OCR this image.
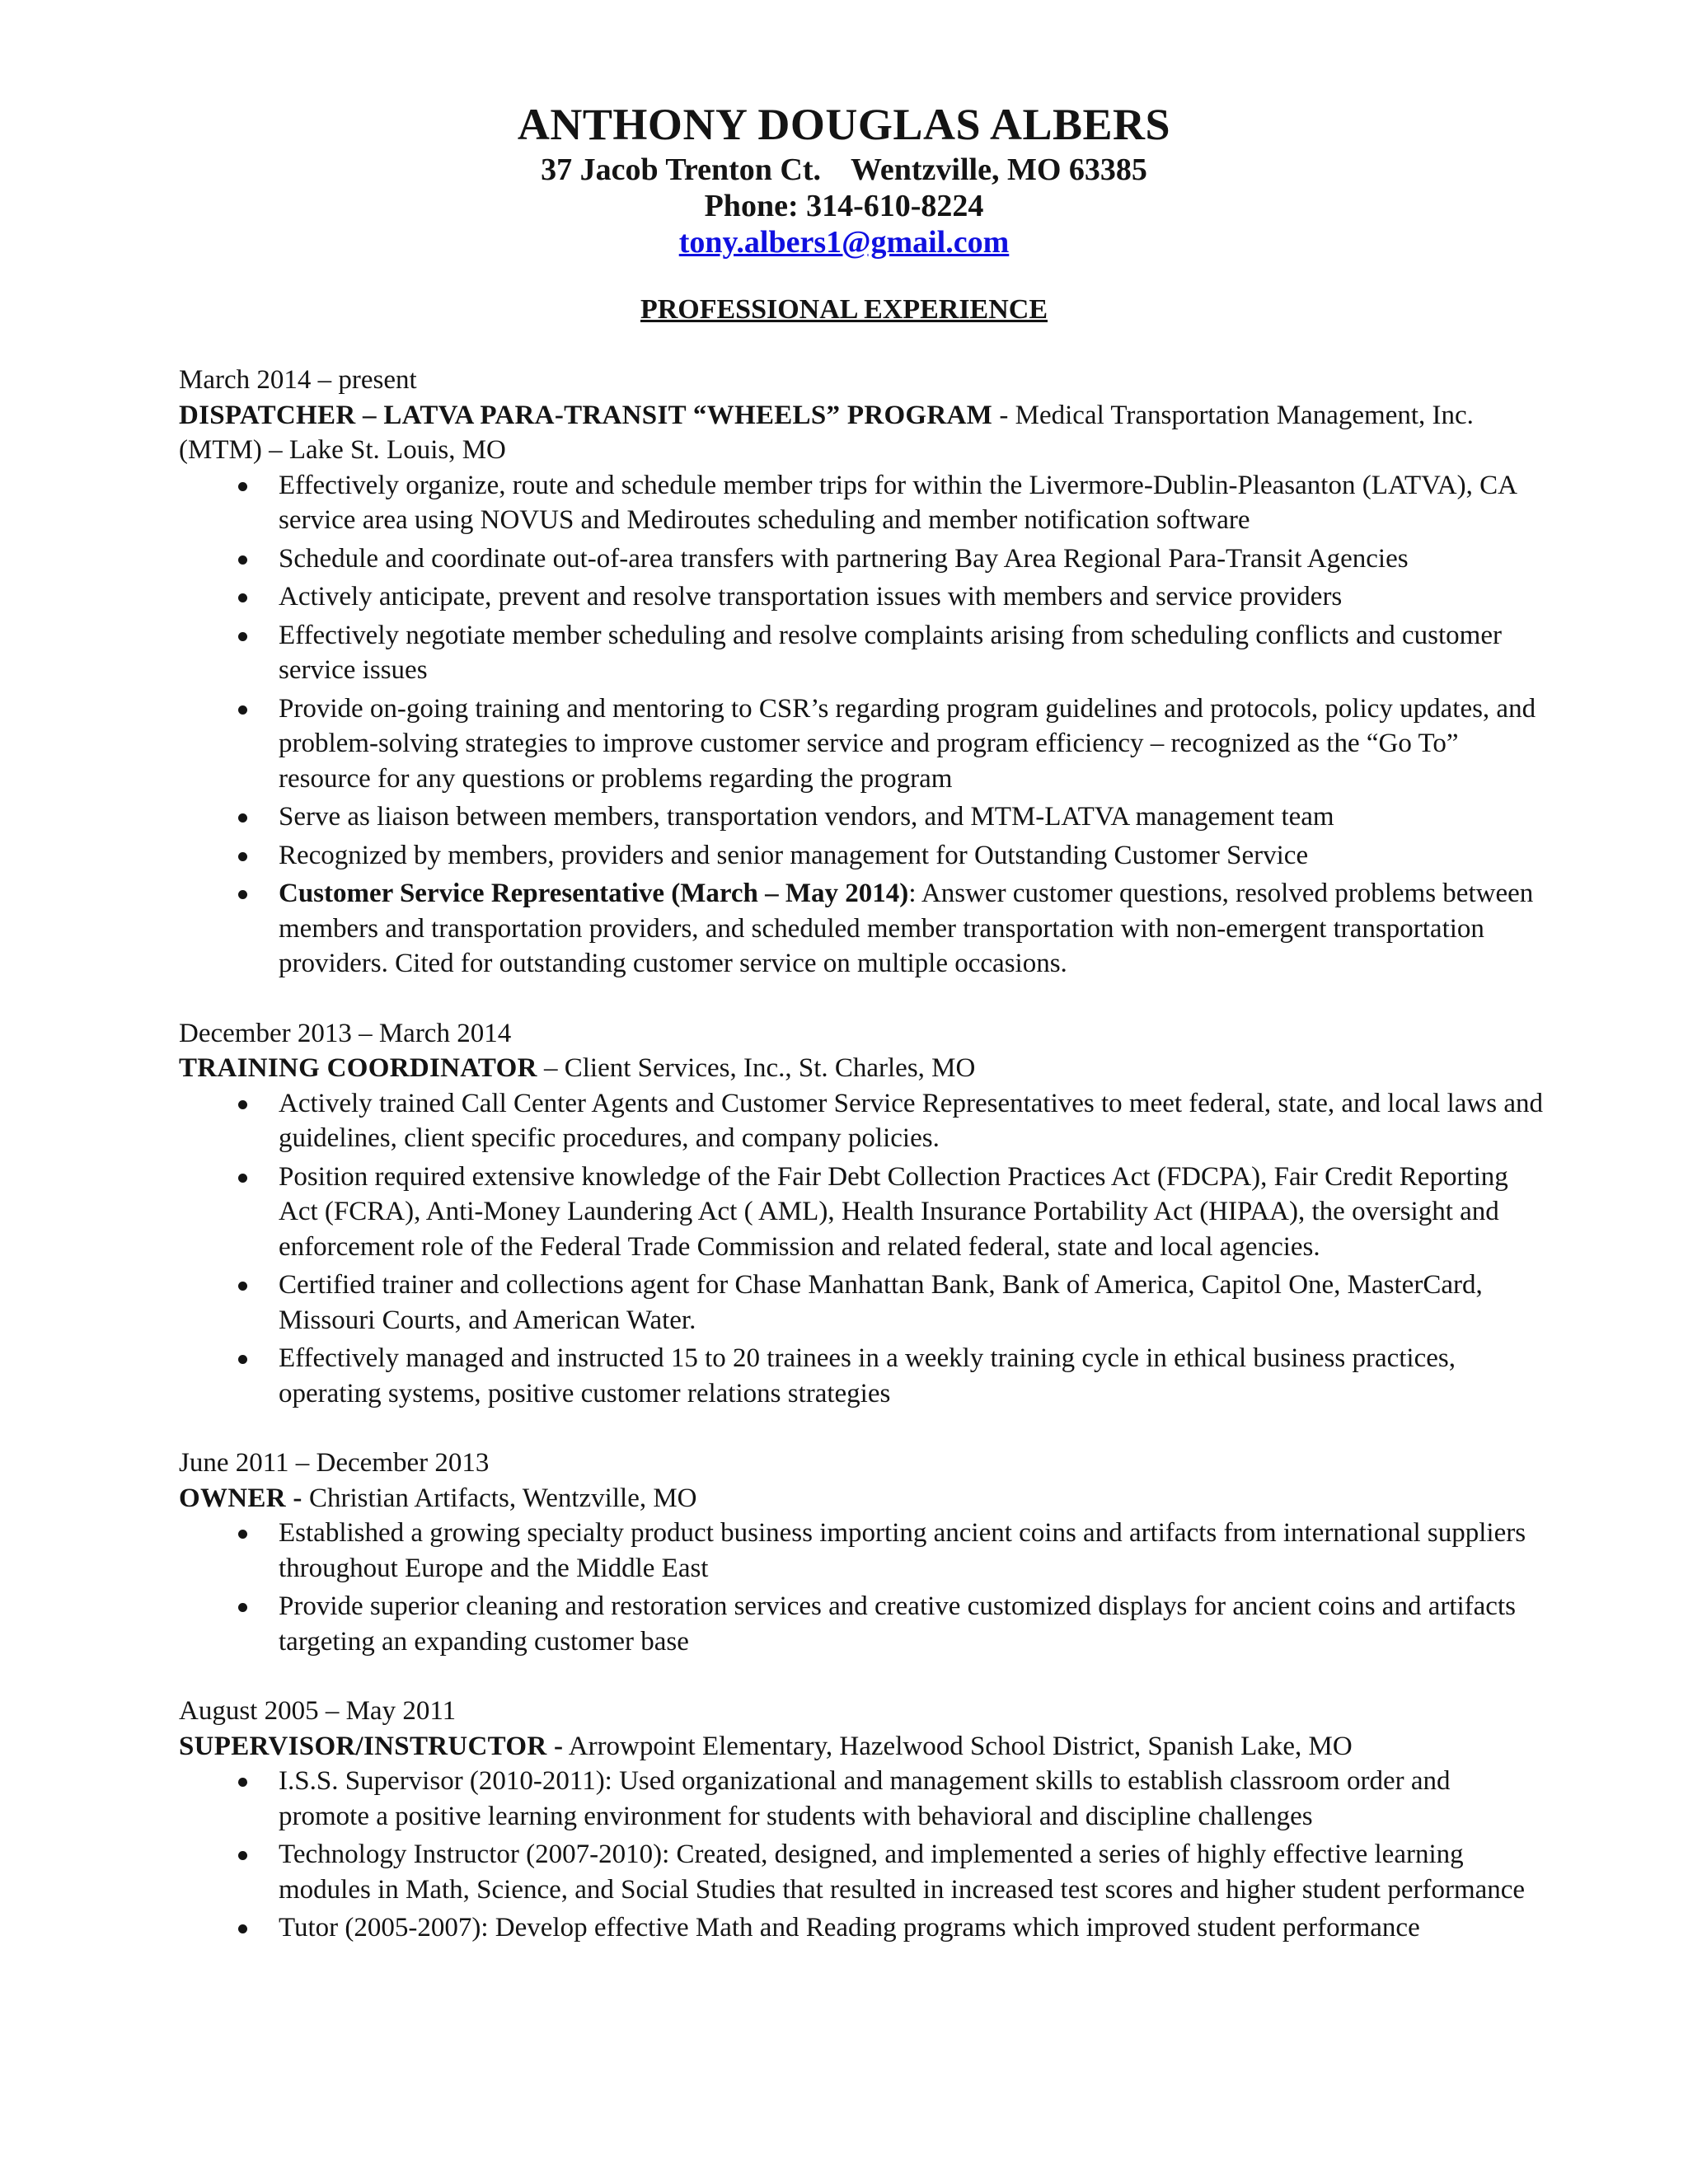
ANTHONY DOUGLAS ALBERS

37 Jacob Trenton Ct. Wentzville, MO 63385

Phone: 314-610-8224

tony.albers1@gmail.com

PROFESSIONAL EXPERIENCE

March 2014 – present

DISPATCHER – LATVA PARA-TRANSIT “WHEELS” PROGRAM - Medical Transportation Management, Inc. (MTM) – Lake St. Louis, MO

Effectively organize, route and schedule member trips for within the Livermore-Dublin-Pleasanton (LATVA), CA service area using NOVUS and Mediroutes scheduling and member notification software
Schedule and coordinate out-of-area transfers with partnering Bay Area Regional Para-Transit Agencies
Actively anticipate, prevent and resolve transportation issues with members and service providers
Effectively negotiate member scheduling and resolve complaints arising from scheduling conflicts and customer service issues
Provide on-going training and mentoring to CSR’s regarding program guidelines and protocols, policy updates, and problem-solving strategies to improve customer service and program efficiency – recognized as the “Go To” resource for any questions or problems regarding the program
Serve as liaison between members, transportation vendors, and MTM-LATVA management team
Recognized by members, providers and senior management for Outstanding Customer Service
Customer Service Representative (March – May 2014): Answer customer questions, resolved problems between members and transportation providers, and scheduled member transportation with non-emergent transportation providers. Cited for outstanding customer service on multiple occasions.

December 2013 – March 2014

TRAINING COORDINATOR – Client Services, Inc., St. Charles, MO

Actively trained Call Center Agents and Customer Service Representatives to meet federal, state, and local laws and guidelines, client specific procedures, and company policies.
Position required extensive knowledge of the Fair Debt Collection Practices Act (FDCPA), Fair Credit Reporting Act (FCRA), Anti-Money Laundering Act ( AML), Health Insurance Portability Act (HIPAA), the oversight and enforcement role of the Federal Trade Commission and related federal, state and local agencies.
Certified trainer and collections agent for Chase Manhattan Bank, Bank of America, Capitol One, MasterCard, Missouri Courts, and American Water.
Effectively managed and instructed 15 to 20 trainees in a weekly training cycle in ethical business practices, operating systems, positive customer relations strategies

June 2011 – December 2013

OWNER - Christian Artifacts, Wentzville, MO

Established a growing specialty product business importing ancient coins and artifacts from international suppliers throughout Europe and the Middle East
Provide superior cleaning and restoration services and creative customized displays for ancient coins and artifacts targeting an expanding customer base

August 2005 – May 2011

SUPERVISOR/INSTRUCTOR - Arrowpoint Elementary, Hazelwood School District, Spanish Lake, MO

I.S.S. Supervisor (2010-2011): Used organizational and management skills to establish classroom order and promote a positive learning environment for students with behavioral and discipline challenges
Technology Instructor (2007-2010): Created, designed, and implemented a series of highly effective learning modules in Math, Science, and Social Studies that resulted in increased test scores and higher student performance
Tutor (2005-2007): Develop effective Math and Reading programs which improved student performance
